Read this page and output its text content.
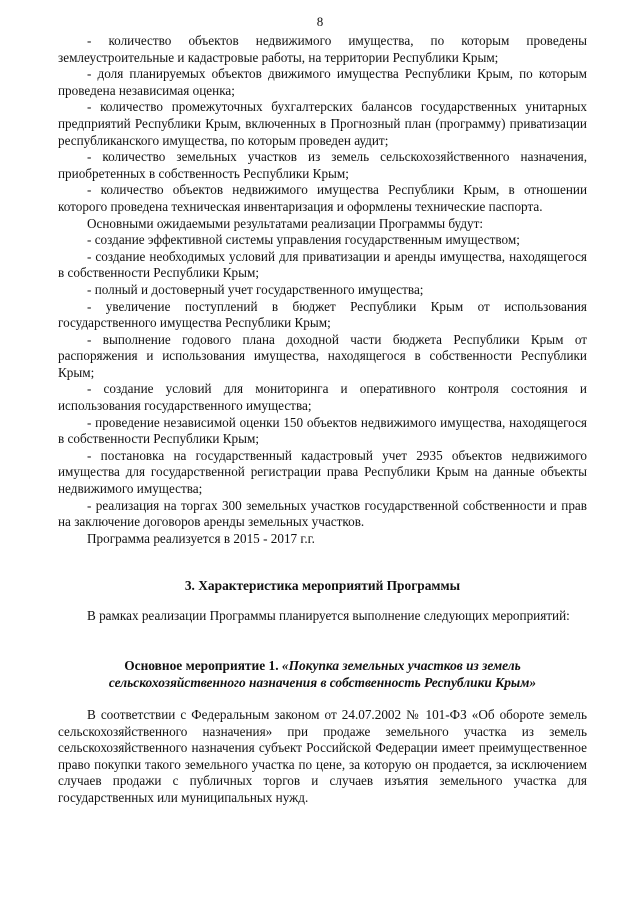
8

- количество объектов недвижимого имущества, по которым проведены землеустроительные и кадастровые работы, на территории Республики Крым;

- доля планируемых объектов движимого имущества Республики Крым, по которым проведена независимая оценка;

- количество промежуточных бухгалтерских балансов государственных унитарных предприятий Республики Крым, включенных в Прогнозный план (программу) приватизации республиканского имущества, по которым проведен аудит;

- количество земельных участков из земель сельскохозяйственного назначения, приобретенных в собственность Республики Крым;

- количество объектов недвижимого имущества Республики Крым, в отношении которого проведена техническая инвентаризация и оформлены технические паспорта.

Основными ожидаемыми результатами реализации Программы будут:

- создание эффективной системы управления государственным имуществом;

- создание необходимых условий для приватизации и аренды имущества, находящегося в собственности Республики Крым;

- полный и достоверный учет государственного имущества;

- увеличение поступлений в бюджет Республики Крым от использования государственного имущества Республики Крым;

- выполнение годового плана доходной части бюджета Республики Крым от распоряжения и использования имущества, находящегося в собственности Республики Крым;

- создание условий для мониторинга и оперативного контроля состояния и использования государственного имущества;

- проведение независимой оценки 150 объектов недвижимого имущества, находящегося в собственности Республики Крым;

- постановка на государственный кадастровый учет 2935 объектов недвижимого имущества для государственной регистрации права Республики Крым на данные объекты недвижимого имущества;

- реализация на торгах 300 земельных участков государственной собственности и прав на заключение договоров аренды земельных участков.

Программа реализуется в 2015 - 2017 г.г.

3. Характеристика мероприятий Программы

В рамках реализации Программы планируется выполнение следующих мероприятий:

Основное мероприятие 1. «Покупка земельных участков из земель сельскохозяйственного назначения в собственность Республики Крым»

В соответствии с Федеральным законом от 24.07.2002 № 101-ФЗ «Об обороте земель сельскохозяйственного назначения» при продаже земельного участка из земель сельскохозяйственного назначения субъект Российской Федерации имеет преимущественное право покупки такого земельного участка по цене, за которую он продается, за исключением случаев продажи с публичных торгов и случаев изъятия земельного участка для государственных или муниципальных нужд.
